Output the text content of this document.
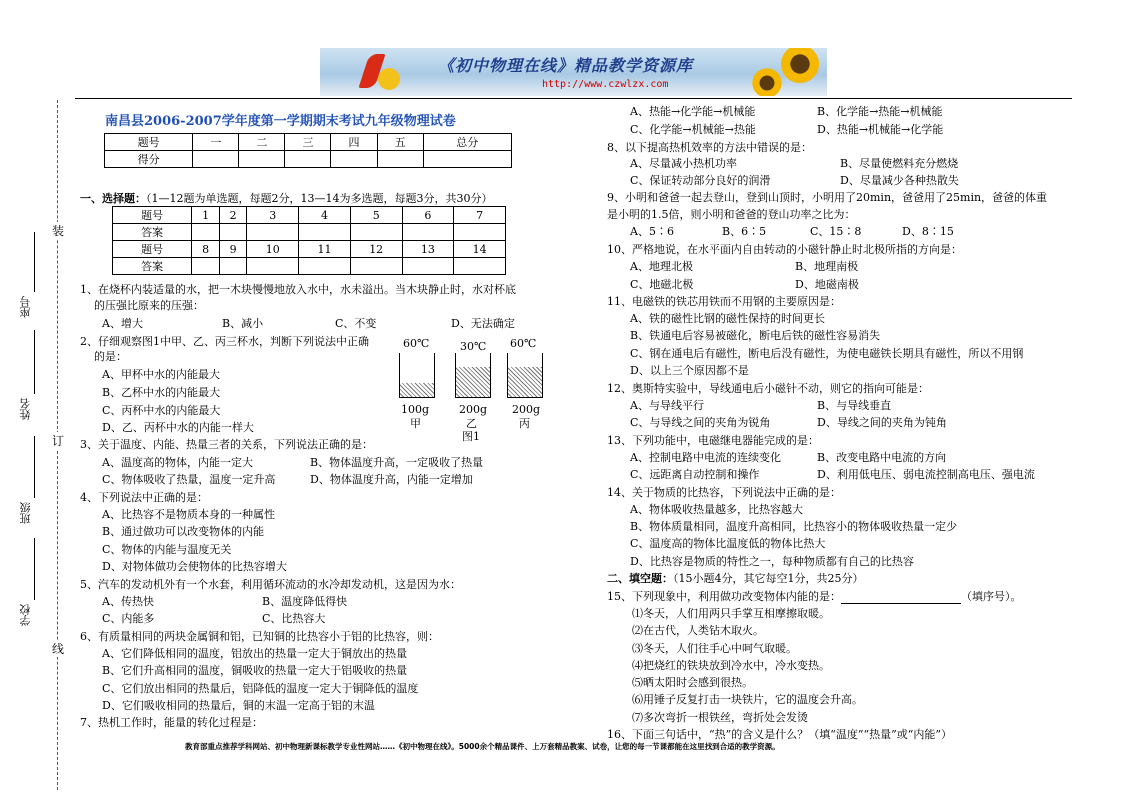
《初中物理在线》精品教学资源库
http://www.czwlzx.com
装
订
线
座号
姓名
班级
学校
南昌县2006-2007学年度第一学期期末考试九年级物理试卷
题号	一	二	三	四	五	总分
得分						
一、选择题：（1—12题为单选题，每题2分，13—14为多选题，每题3分，共30分）
题号	1	2	3	4	5	6	7
答案							
题号	8	9	10	11	12	13	14
答案							
1、在烧杯内装适量的水，把一木块慢慢地放入水中，水未溢出。当木块静止时，水对杯底
的压强比原来的压强：
A、增大	B、减小	C、不变	D、无法确定
2、仔细观察图1中甲、乙、丙三杯水，判断下列说法中正确
的是：
A、甲杯中水的内能最大
B、乙杯中水的内能最大
C、丙杯中水的内能最大
D、乙、丙杯中水的内能一样大
60℃	30℃ 60℃
100g	200g 200g
甲	乙	丙
图1
3、关于温度、内能、热量三者的关系，下列说法正确的是：
A、温度高的物体，内能一定大	B、物体温度升高，一定吸收了热量
C、物体吸收了热量，温度一定升高	D、物体温度升高，内能一定增加
4、下列说法中正确的是：
A、比热容不是物质本身的一种属性
B、通过做功可以改变物体的内能
C、物体的内能与温度无关
D、对物体做功会使物体的比热容增大
5、汽车的发动机外有一个水套，利用循环流动的水冷却发动机，这是因为水：
A、传热快	B、温度降低得快
C、内能多	C、比热容大
6、有质量相同的两块金属铜和铝，已知铜的比热容小于铝的比热容，则：
A、它们降低相同的温度，铝放出的热量一定大于铜放出的热量
B、它们升高相同的温度，铜吸收的热量一定大于铝吸收的热量
C、它们放出相同的热量后，铝降低的温度一定大于铜降低的温度
D、它们吸收相同的热量后，铜的末温一定高于铝的末温
7、热机工作时，能量的转化过程是：
A、热能→化学能→机械能	B、化学能→热能→机械能
C、化学能→机械能→热能	D、热能→机械能→化学能
8、以下提高热机效率的方法中错误的是：
A、尽量减小热机功率	B、尽量使燃料充分燃烧
C、保证转动部分良好的润滑	D、尽量减少各种热散失
9、小明和爸爸一起去登山，登到山顶时，小明用了20min，爸爸用了25min，爸爸的体重
是小明的1.5倍，则小明和爸爸的登山功率之比为：
A、5∶6	B、6∶5	C、15∶8	D、8∶15
10、严格地说，在水平面内自由转动的小磁针静止时北极所指的方向是：
A、地理北极	B、地理南极
C、地磁北极	D、地磁南极
11、电磁铁的铁芯用铁而不用钢的主要原因是：
A、铁的磁性比钢的磁性保持的时间更长
B、铁通电后容易被磁化，断电后铁的磁性容易消失
C、钢在通电后有磁性，断电后没有磁性，为使电磁铁长期具有磁性，所以不用钢
D、以上三个原因都不是
12、奥斯特实验中，导线通电后小磁针不动，则它的指向可能是：
A、与导线平行	B、与导线垂直
C、与导线之间的夹角为锐角	D、导线之间的夹角为钝角
13、下列功能中，电磁继电器能完成的是：
A、控制电路中电流的连续变化	B、改变电路中电流的方向
C、远距离自动控制和操作	D、利用低电压、弱电流控制高电压、强电流
14、关于物质的比热容，下列说法中正确的是：
A、物体吸收热量越多，比热容越大
B、物体质量相同，温度升高相同，比热容小的物体吸收热量一定少
C、温度高的物体比温度低的物体比热大
D、比热容是物质的特性之一，每种物质都有自己的比热容
二、填空题：（15小题4分，其它每空1分，共25分）
15、下列现象中，利用做功改变物体内能的是：	（填序号）。
⑴冬天，人们用两只手掌互相摩擦取暖。
⑵在古代，人类钻木取火。
⑶冬天，人们往手心中呵气取暖。
⑷把烧红的铁块放到冷水中，冷水变热。
⑸晒太阳时会感到很热。
⑹用锤子反复打击一块铁片，它的温度会升高。
⑺多次弯折一根铁丝，弯折处会发烫
16、下面三句话中，“热”的含义是什么？（填“温度”“热量”或“内能”）
教育部重点推荐学科网站、初中物理新课标教学专业性网站……《初中物理在线》。5000余个精品课件、上万套精品教案、试卷，让您的每一节课都能在这里找到合适的教学资源。
